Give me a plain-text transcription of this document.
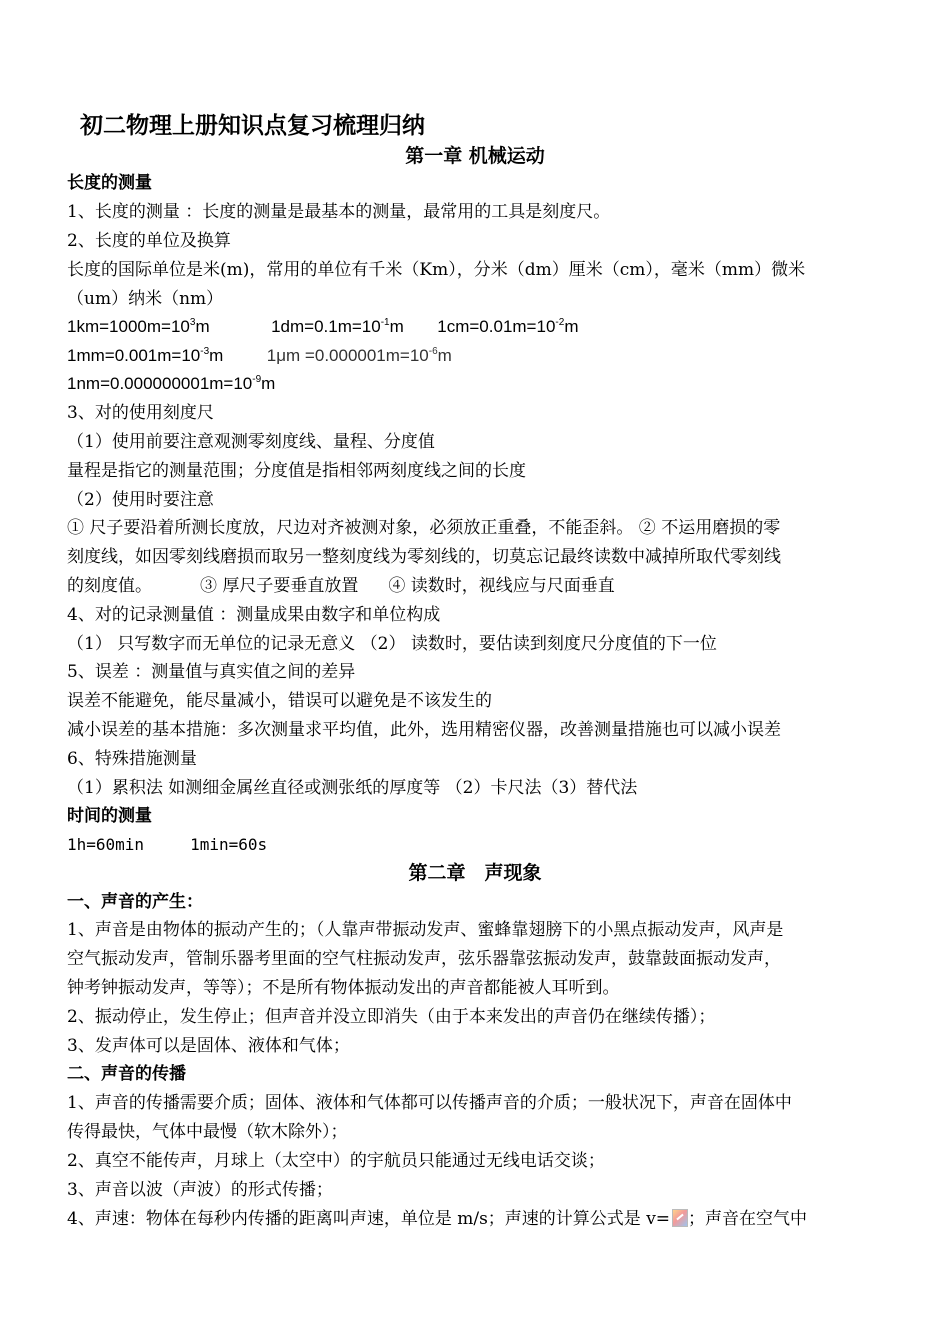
初二物理上册知识点复习梳理归纳
第一章 机械运动
长度的测量
1、长度的测量 ：长度的测量是最基本的测量，最常用的工具是刻度尺。
2、长度的单位及换算
长度的国际单位是米(m)，常用的单位有千米（Km），分米（dm）厘米（cm），毫米（mm）微米
（um）纳米（nm）
$1km=1000m=10^3m$	$1dm=0.1m=10^{-1}m$ $1cm=0.01m=10^{-2}m$
$1mm=0.001m=10^{-3}m$	$1\mu m =0.000001m=10^{-6}m$
$1nm=0.000000001m=10^{-9}m$
3、对的使用刻度尺
（1）使用前要注意观测零刻度线、量程、分度值
量程是指它的测量范围；分度值是指相邻两刻度线之间的长度
（2）使用时要注意
① 尺子要沿着所测长度放，尺边对齐被测对象，必须放正重叠，不能歪斜。 ② 不运用磨损的零
刻度线，如因零刻线磨损而取另一整刻度线为零刻线的，切莫忘记最终读数中减掉所取代零刻线
的刻度值。	③ 厚尺子要垂直放置 ④ 读数时，视线应与尺面垂直
4、对的记录测量值 ：测量成果由数字和单位构成
（1） 只写数字而无单位的记录无意义 （2） 读数时，要估读到刻度尺分度值的下一位
5、误差 ：测量值与真实值之间的差异
误差不能避免，能尽量减小，错误可以避免是不该发生的
减小误差的基本措施：多次测量求平均值，此外，选用精密仪器，改善测量措施也可以减小误差
6、特殊措施测量
（1）累积法 如测细金属丝直径或测张纸的厚度等 （2）卡尺法（3）替代法
时间的测量
1h=60min	1min=60s
第二章　声现象
一、声音的产生：
1、声音是由物体的振动产生的；（人靠声带振动发声、蜜蜂靠翅膀下的小黑点振动发声，风声是
空气振动发声，管制乐器考里面的空气柱振动发声，弦乐器靠弦振动发声，鼓靠鼓面振动发声，
钟考钟振动发声，等等）；不是所有物体振动发出的声音都能被人耳听到。
2、振动停止，发生停止；但声音并没立即消失（由于本来发出的声音仍在继续传播）；
3、发声体可以是固体、液体和气体；
二、声音的传播
1、声音的传播需要介质；固体、液体和气体都可以传播声音的介质；一般状况下，声音在固体中
传得最快，气体中最慢（软木除外）；
2、真空不能传声，月球上（太空中）的宇航员只能通过无线电话交谈；
3、声音以波（声波）的形式传播；
4、声速：物体在每秒内传播的距离叫声速，单位是 m/s；声速的计算公式是 v= ；声音在空气中
